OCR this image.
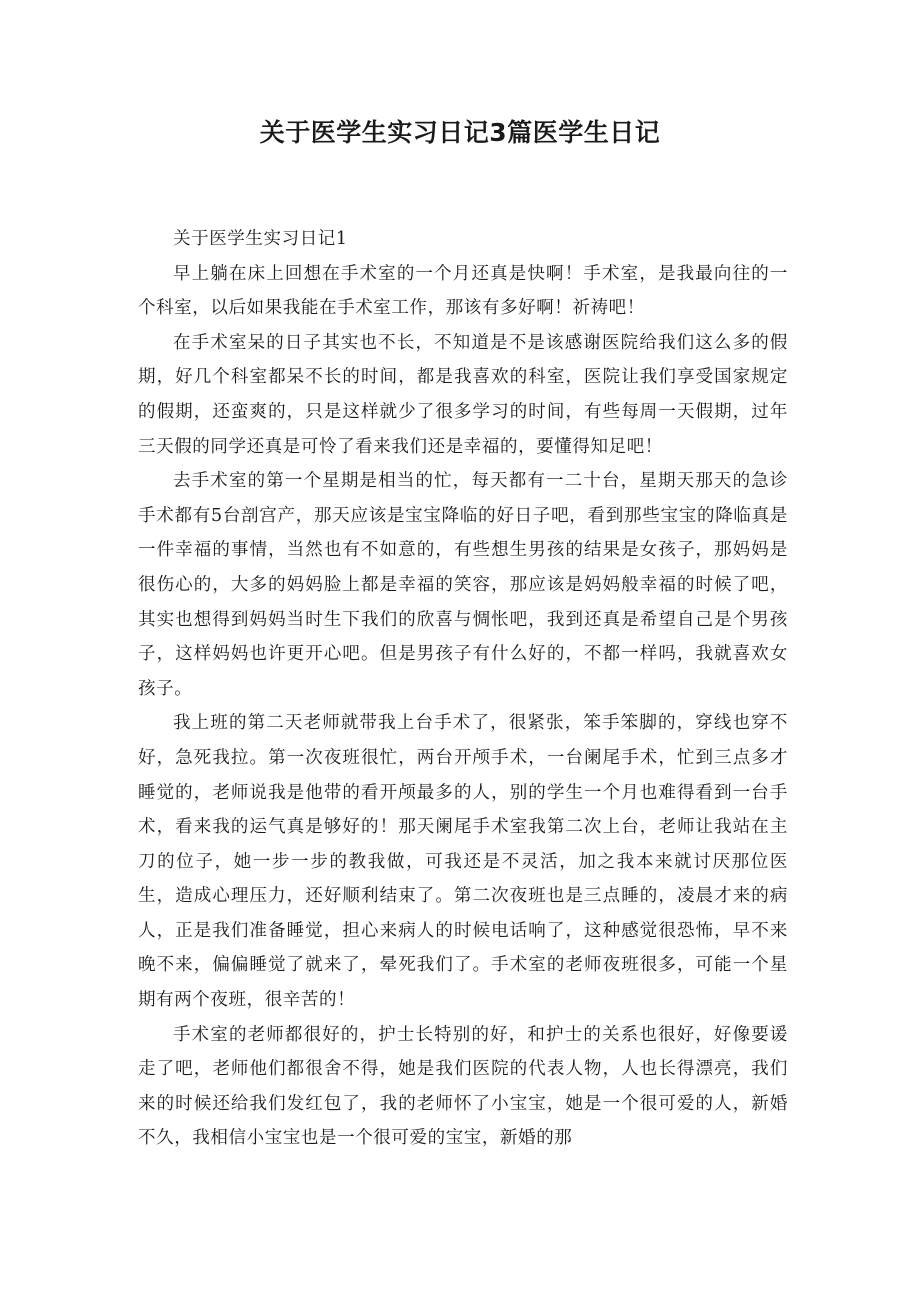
关于医学生实习日记3篇医学生日记

关于医学生实习日记1

早上躺在床上回想在手术室的一个月还真是快啊！手术室，是我最向往的一个科室，以后如果我能在手术室工作，那该有多好啊！祈祷吧！

在手术室呆的日子其实也不长，不知道是不是该感谢医院给我们这么多的假期，好几个科室都呆不长的时间，都是我喜欢的科室，医院让我们享受国家规定的假期，还蛮爽的，只是这样就少了很多学习的时间，有些每周一天假期，过年三天假的同学还真是可怜了看来我们还是幸福的，要懂得知足吧！

去手术室的第一个星期是相当的忙，每天都有一二十台，星期天那天的急诊手术都有5台剖宫产，那天应该是宝宝降临的好日子吧，看到那些宝宝的降临真是一件幸福的事情，当然也有不如意的，有些想生男孩的结果是女孩子，那妈妈是很伤心的，大多的妈妈脸上都是幸福的笑容，那应该是妈妈般幸福的时候了吧，其实也想得到妈妈当时生下我们的欣喜与惆怅吧，我到还真是希望自己是个男孩子，这样妈妈也许更开心吧。但是男孩子有什么好的，不都一样吗，我就喜欢女孩子。

我上班的第二天老师就带我上台手术了，很紧张，笨手笨脚的，穿线也穿不好，急死我拉。第一次夜班很忙，两台开颅手术，一台阑尾手术，忙到三点多才睡觉的，老师说我是他带的看开颅最多的人，别的学生一个月也难得看到一台手术，看来我的运气真是够好的！那天阑尾手术室我第二次上台，老师让我站在主刀的位子，她一步一步的教我做，可我还是不灵活，加之我本来就讨厌那位医生，造成心理压力，还好顺利结束了。第二次夜班也是三点睡的，凌晨才来的病人，正是我们准备睡觉，担心来病人的时候电话响了，这种感觉很恐怖，早不来晚不来，偏偏睡觉了就来了，晕死我们了。手术室的老师夜班很多，可能一个星期有两个夜班，很辛苦的！

手术室的老师都很好的，护士长特别的好，和护士的关系也很好，好像要谖走了吧，老师他们都很舍不得，她是我们医院的代表人物，人也长得漂亮，我们来的时候还给我们发红包了，我的老师怀了小宝宝，她是一个很可爱的人，新婚不久，我相信小宝宝也是一个很可爱的宝宝，新婚的那
